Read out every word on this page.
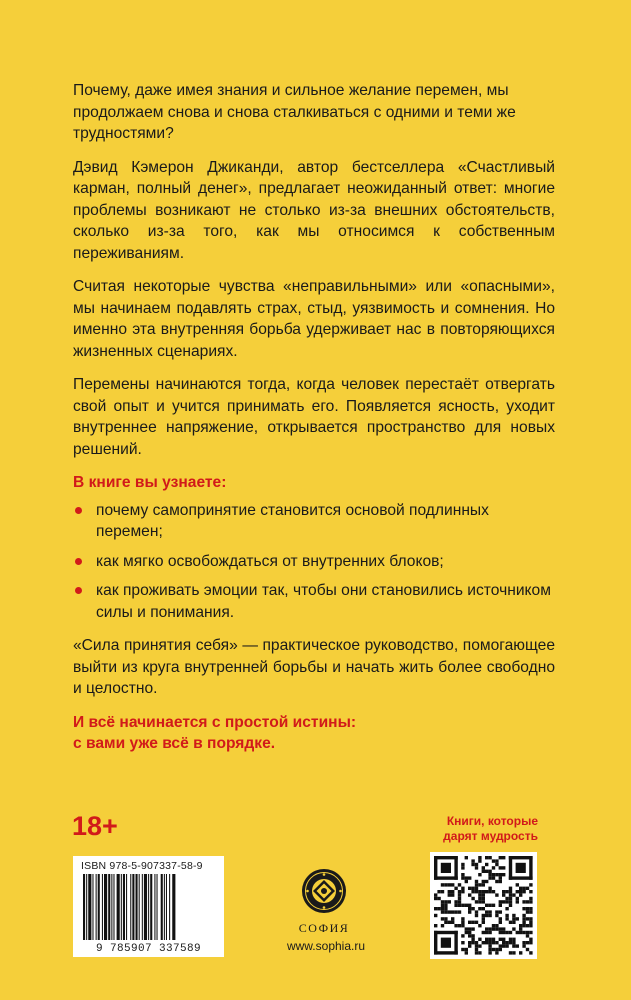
Почему, даже имея знания и сильное желание перемен, мы продолжаем снова и снова сталкиваться с одними и теми же трудностями?

Дэвид Кэмерон Джиканди, автор бестселлера «Счастливый карман, полный денег», предлагает неожиданный ответ: многие проблемы возникают не столько из-за внешних обстоятельств, сколько из-за того, как мы относимся к собственным переживаниям.

Считая некоторые чувства «неправильными» или «опасными», мы начинаем подавлять страх, стыд, уязвимость и сомнения. Но именно эта внутренняя борьба удерживает нас в повторяющихся жизненных сценариях.

Перемены начинаются тогда, когда человек перестаёт отвергать свой опыт и учится принимать его. Появляется ясность, уходит внутреннее напряжение, открывается пространство для новых решений.

В книге вы узнаете:

почему самопринятие становится основой подлинных перемен;
как мягко освобождаться от внутренних блоков;
как проживать эмоции так, чтобы они становились источником силы и понимания.

«Сила принятия себя» — практическое руководство, помогающее выйти из круга внутренней борьбы и начать жить более свободно и целостно.

И всё начинается с простой истины:

с вами уже всё в порядке.

18+	Книги, которые
дарят мудрость
ISBN 978-5-907337-58-9
9 785907 337589
СОФИЯ
www.sophia.ru
